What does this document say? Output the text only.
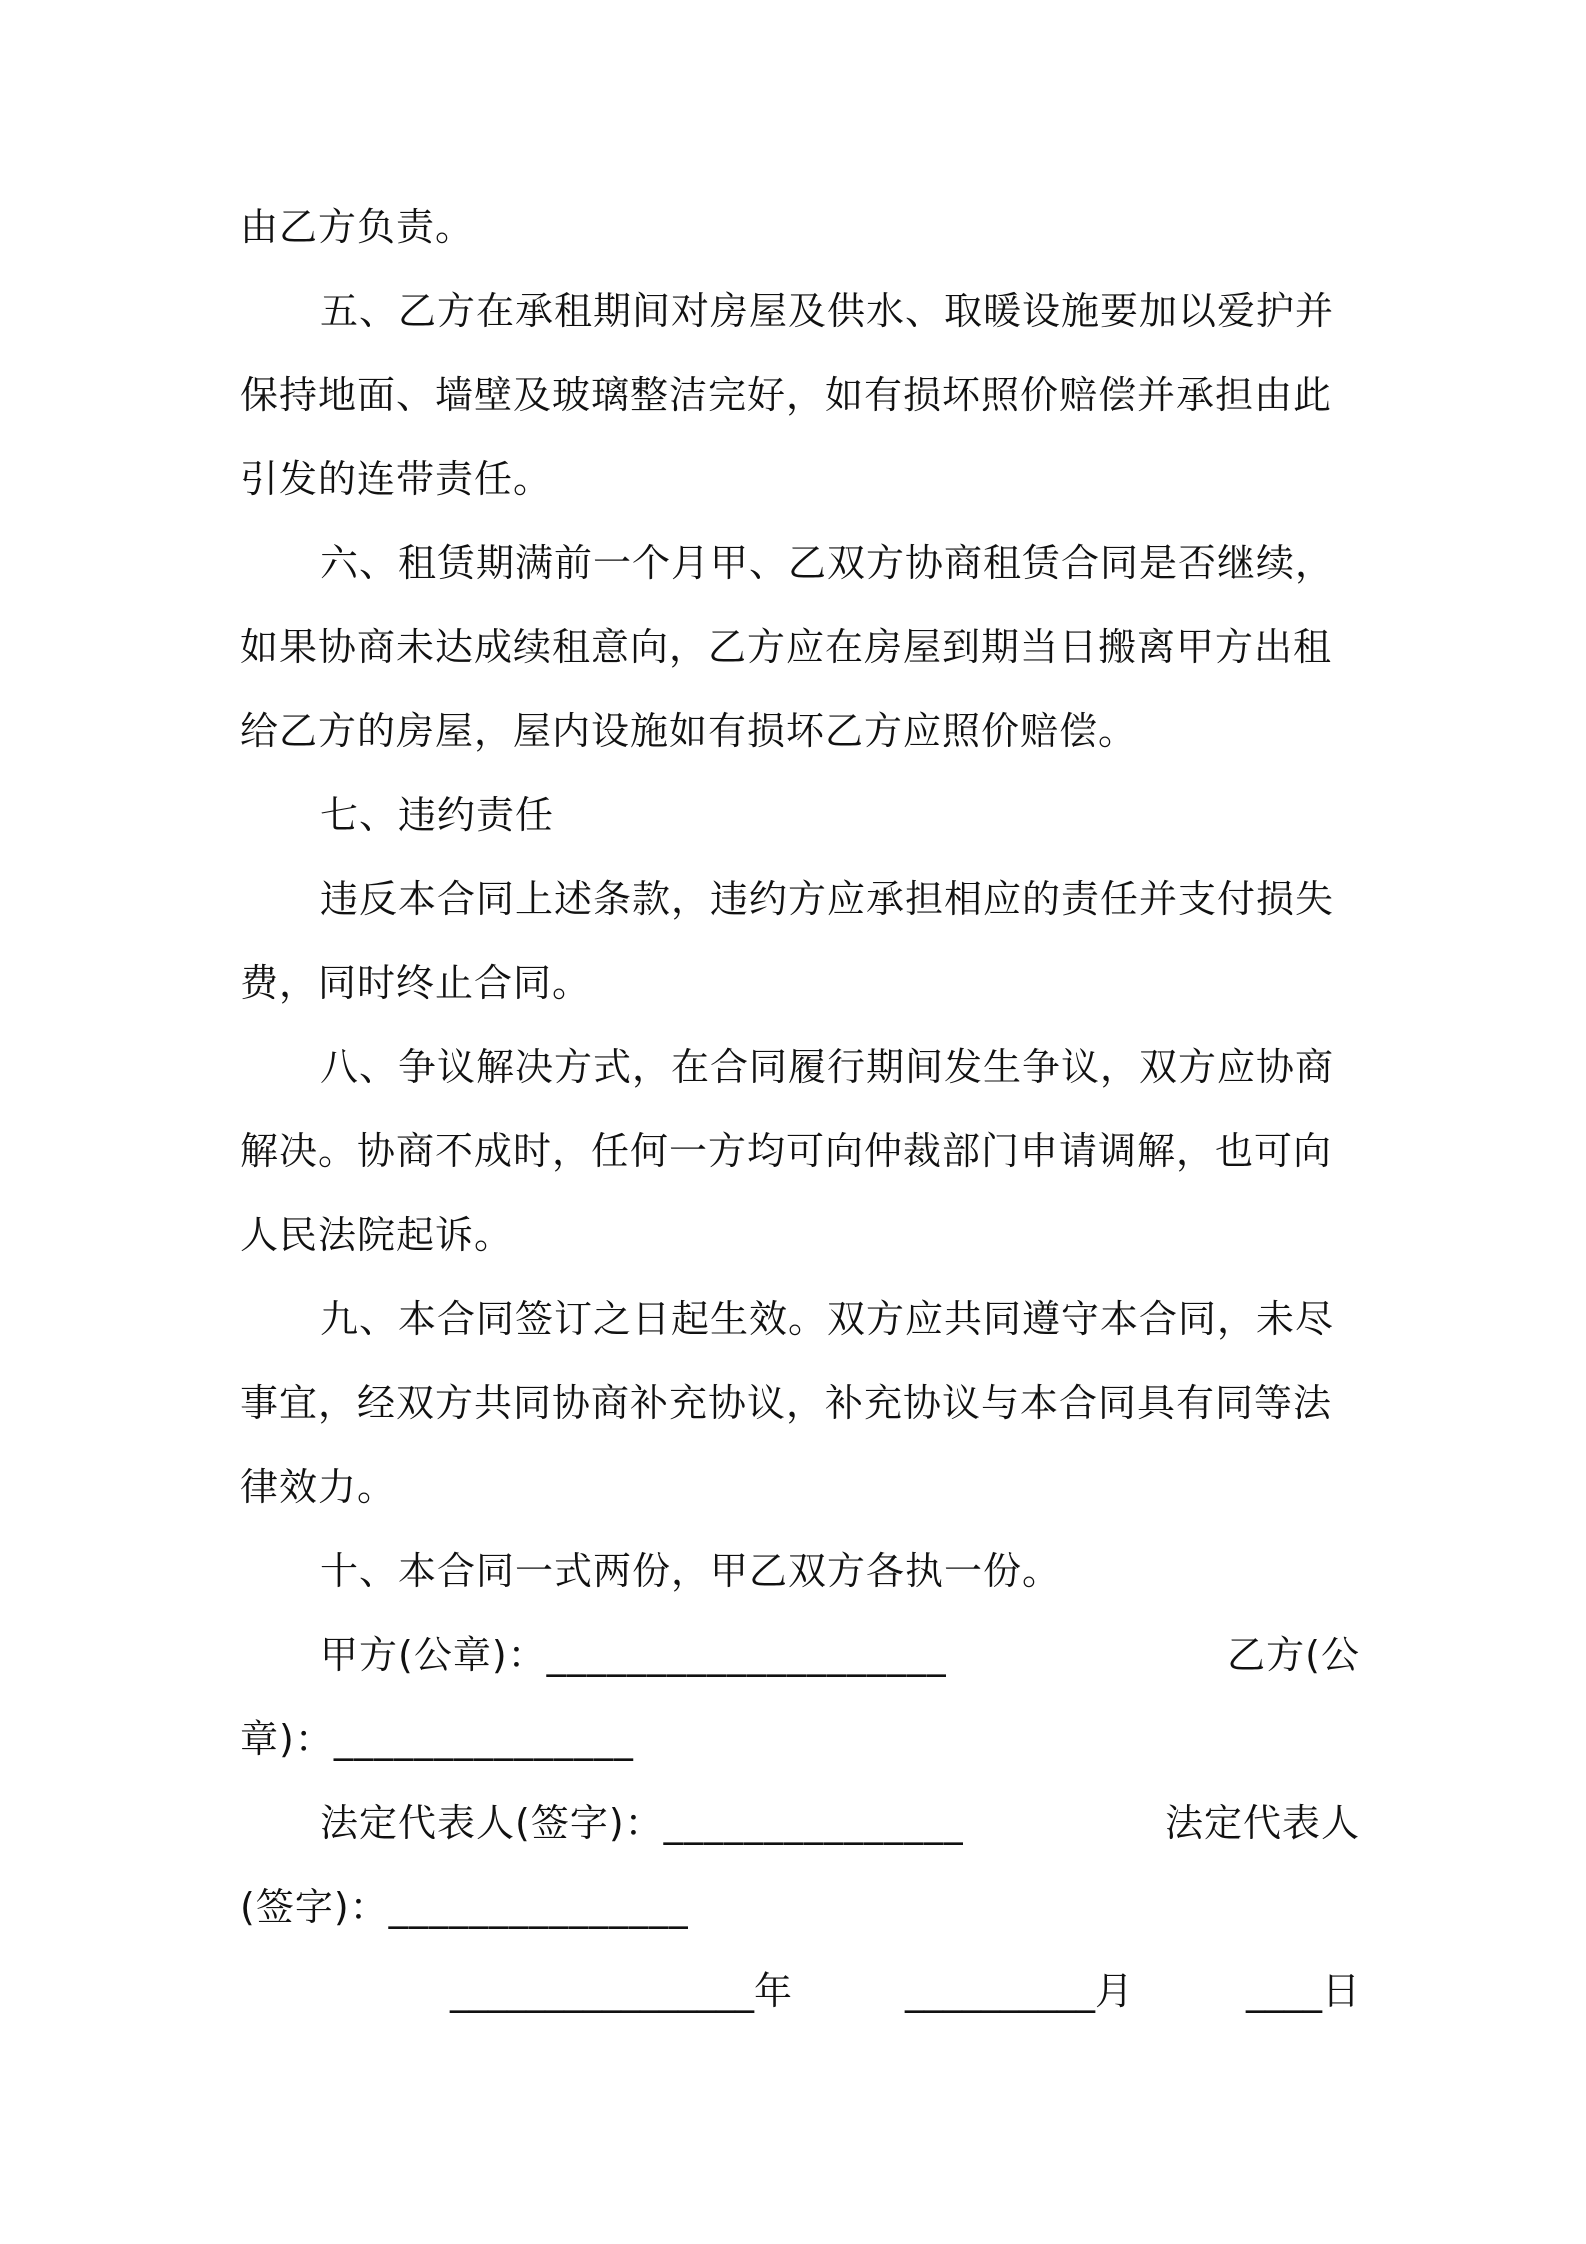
由乙方负责。
五、乙方在承租期间对房屋及供水、取暖设施要加以爱护并
保持地面、墙壁及玻璃整洁完好，如有损坏照价赔偿并承担由此
引发的连带责任。
六、租赁期满前一个月甲、乙双方协商租赁合同是否继续，
如果协商未达成续租意向，乙方应在房屋到期当日搬离甲方出租
给乙方的房屋，屋内设施如有损坏乙方应照价赔偿。
七、违约责任
违反本合同上述条款，违约方应承担相应的责任并支付损失
费，同时终止合同。
八、争议解决方式，在合同履行期间发生争议，双方应协商
解决。协商不成时，任何一方均可向仲裁部门申请调解，也可向
人民法院起诉。
九、本合同签订之日起生效。双方应共同遵守本合同，未尽
事宜，经双方共同协商补充协议，补充协议与本合同具有同等法
律效力。
十、本合同一式两份，甲乙双方各执一份。
甲方(公章)：____________________	乙方(公
章)：_______________
法定代表人(签字)：_______________	法定代表人
(签字)：_______________
________________年	__________月	____日
